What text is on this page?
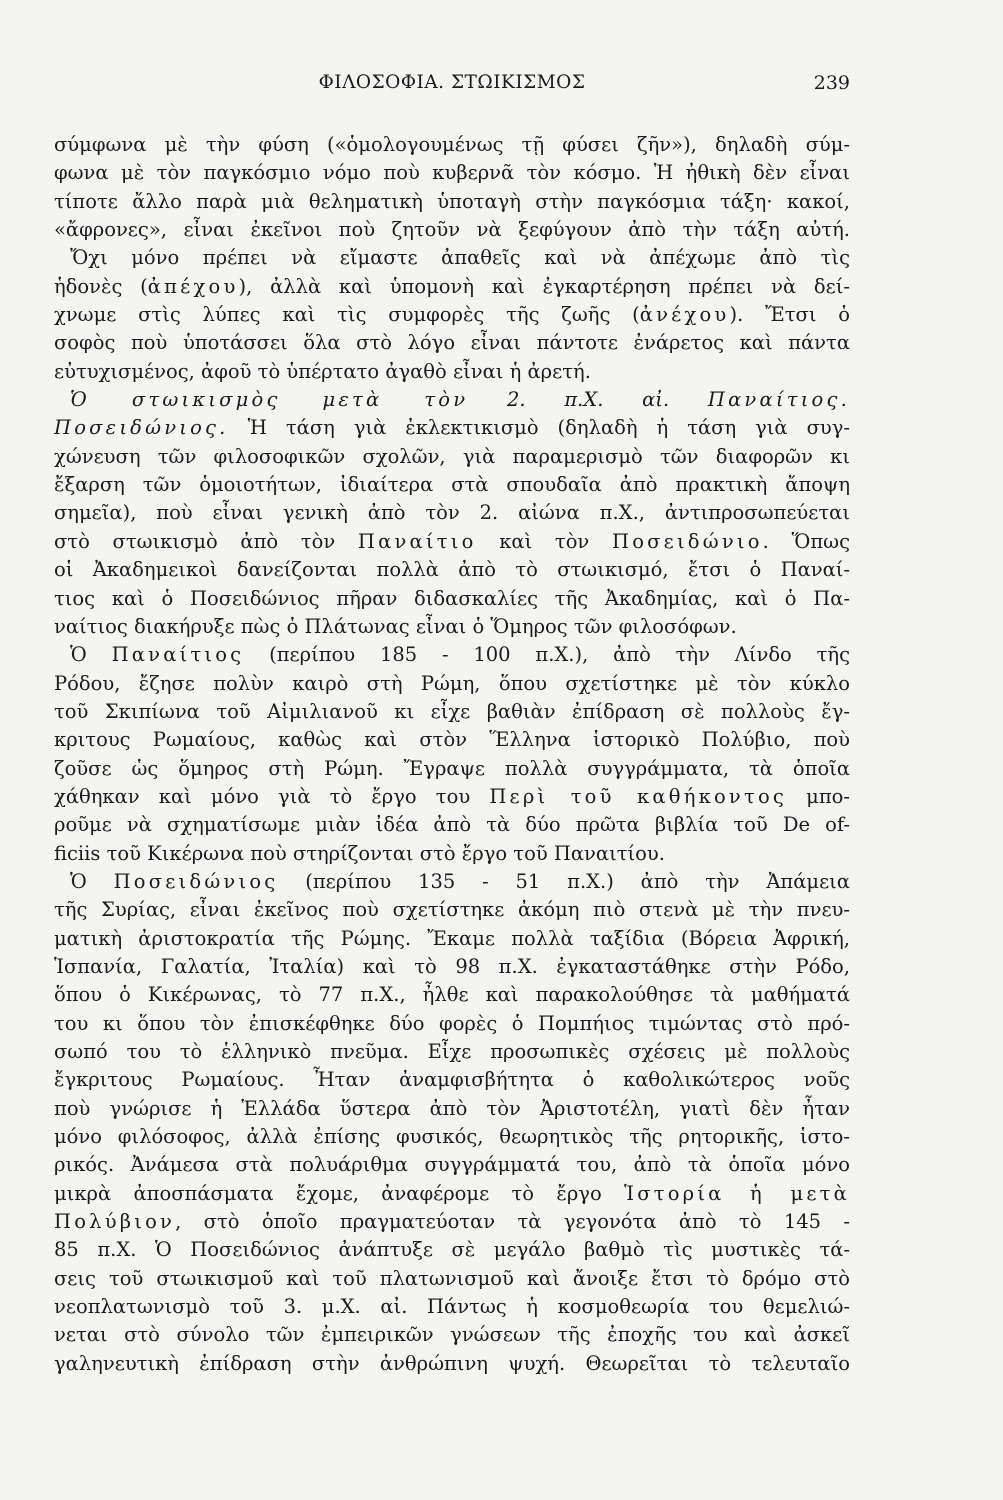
ΦΙΛΟΣΟΦΙΑ. ΣΤΩΙΚΙΣΜΟΣ	239
σύμφωνα μὲ τὴν φύση («ὁμολογουμένως τῇ φύσει ζῆν»), δηλαδὴ σύμ-
φωνα μὲ τὸν παγκόσμιο νόμο ποὺ κυβερνᾶ τὸν κόσμο. Ἡ ἠθικὴ δὲν εἶναι
τίποτε ἄλλο παρὰ μιὰ θεληματικὴ ὑποταγὴ στὴν παγκόσμια τάξη· κακοί,
«ἄφρονες», εἶναι ἐκεῖνοι ποὺ ζητοῦν νὰ ξεφύγουν ἀπὸ τὴν τάξη αὐτή.
Ὄχι μόνο πρέπει νὰ εἴμαστε ἀπαθεῖς καὶ νὰ ἀπέχωμε ἀπὸ τὶς
ἡδονὲς (ἀπέχου), ἀλλὰ καὶ ὑπομονὴ καὶ ἐγκαρτέρηση πρέπει νὰ δεί-
χνωμε στὶς λύπες καὶ τὶς συμφορὲς τῆς ζωῆς (ἀνέχου). Ἔτσι ὁ
σοφὸς ποὺ ὑποτάσσει ὅλα στὸ λόγο εἶναι πάντοτε ἐνάρετος καὶ πάντα
εὐτυχισμένος, ἀφοῦ τὸ ὑπέρτατο ἀγαθὸ εἶναι ἡ ἀρετή.
Ὁ στωικισμὸς μετὰ τὸν 2. π.Χ. αἰ. Παναίτιος.
Ποσειδώνιος. Ἡ τάση γιὰ ἐκλεκτικισμὸ (δηλαδὴ ἡ τάση γιὰ συγ-
χώνευση τῶν φιλοσοφικῶν σχολῶν, γιὰ παραμερισμὸ τῶν διαφορῶν κι
ἔξαρση τῶν ὁμοιοτήτων, ἰδιαίτερα στὰ σπουδαῖα ἀπὸ πρακτικὴ ἄποψη
σημεῖα), ποὺ εἶναι γενικὴ ἀπὸ τὸν 2. αἰώνα π.Χ., ἀντιπροσωπεύεται
στὸ στωικισμὸ ἀπὸ τὸν Παναίτιο καὶ τὸν Ποσειδώνιο. Ὅπως
οἱ Ἀκαδημεικοὶ δανείζονται πολλὰ ἀπὸ τὸ στωικισμό, ἔτσι ὁ Παναί-
τιος καὶ ὁ Ποσειδώνιος πῆραν διδασκαλίες τῆς Ἀκαδημίας, καὶ ὁ Πα-
ναίτιος διακήρυξε πὼς ὁ Πλάτωνας εἶναι ὁ Ὅμηρος τῶν φιλοσόφων.
Ὁ Παναίτιος (περίπου 185 - 100 π.Χ.), ἀπὸ τὴν Λίνδο τῆς
Ρόδου, ἔζησε πολὺν καιρὸ στὴ Ρώμη, ὅπου σχετίστηκε μὲ τὸν κύκλο
τοῦ Σκιπίωνα τοῦ Αἰμιλιανοῦ κι εἶχε βαθιὰν ἐπίδραση σὲ πολλοὺς ἔγ-
κριτους Ρωμαίους, καθὼς καὶ στὸν Ἕλληνα ἱστορικὸ Πολύβιο, ποὺ
ζοῦσε ὡς ὅμηρος στὴ Ρώμη. Ἔγραψε πολλὰ συγγράμματα, τὰ ὁποῖα
χάθηκαν καὶ μόνο γιὰ τὸ ἔργο του Περὶ τοῦ καθήκοντος μπο-
ροῦμε νὰ σχηματίσωμε μιὰν ἰδέα ἀπὸ τὰ δύο πρῶτα βιβλία τοῦ De of-
ficiis τοῦ Κικέρωνα ποὺ στηρίζονται στὸ ἔργο τοῦ Παναιτίου.
Ὁ Ποσειδώνιος (περίπου 135 - 51 π.Χ.) ἀπὸ τὴν Ἀπάμεια
τῆς Συρίας, εἶναι ἐκεῖνος ποὺ σχετίστηκε ἀκόμη πιὸ στενὰ μὲ τὴν πνευ-
ματικὴ ἀριστοκρατία τῆς Ρώμης. Ἔκαμε πολλὰ ταξίδια (Βόρεια Ἀφρική,
Ἱσπανία, Γαλατία, Ἰταλία) καὶ τὸ 98 π.Χ. ἐγκαταστάθηκε στὴν Ρόδο,
ὅπου ὁ Κικέρωνας, τὸ 77 π.Χ., ἦλθε καὶ παρακολούθησε τὰ μαθήματά
του κι ὅπου τὸν ἐπισκέφθηκε δύο φορὲς ὁ Πομπήιος τιμώντας στὸ πρό-
σωπό του τὸ ἑλληνικὸ πνεῦμα. Εἶχε προσωπικὲς σχέσεις μὲ πολλοὺς
ἔγκριτους Ρωμαίους. Ἦταν ἀναμφισβήτητα ὁ καθολικώτερος νοῦς
ποὺ γνώρισε ἡ Ἑλλάδα ὕστερα ἀπὸ τὸν Ἀριστοτέλη, γιατὶ δὲν ἦταν
μόνο φιλόσοφος, ἀλλὰ ἐπίσης φυσικός, θεωρητικὸς τῆς ρητορικῆς, ἱστο-
ρικός. Ἀνάμεσα στὰ πολυάριθμα συγγράμματά του, ἀπὸ τὰ ὁποῖα μόνο
μικρὰ ἀποσπάσματα ἔχομε, ἀναφέρομε τὸ ἔργο Ἱστορία ἡ μετὰ
Πολύβιον, στὸ ὁποῖο πραγματεύοταν τὰ γεγονότα ἀπὸ τὸ 145 -
85 π.Χ. Ὁ Ποσειδώνιος ἀνάπτυξε σὲ μεγάλο βαθμὸ τὶς μυστικὲς τά-
σεις τοῦ στωικισμοῦ καὶ τοῦ πλατωνισμοῦ καὶ ἄνοιξε ἔτσι τὸ δρόμο στὸ
νεοπλατωνισμὸ τοῦ 3. μ.Χ. αἰ. Πάντως ἡ κοσμοθεωρία του θεμελιώ-
νεται στὸ σύνολο τῶν ἐμπειρικῶν γνώσεων τῆς ἐποχῆς του καὶ ἀσκεῖ
γαληνευτικὴ ἐπίδραση στὴν ἀνθρώπινη ψυχή. Θεωρεῖται τὸ τελευταῖο
